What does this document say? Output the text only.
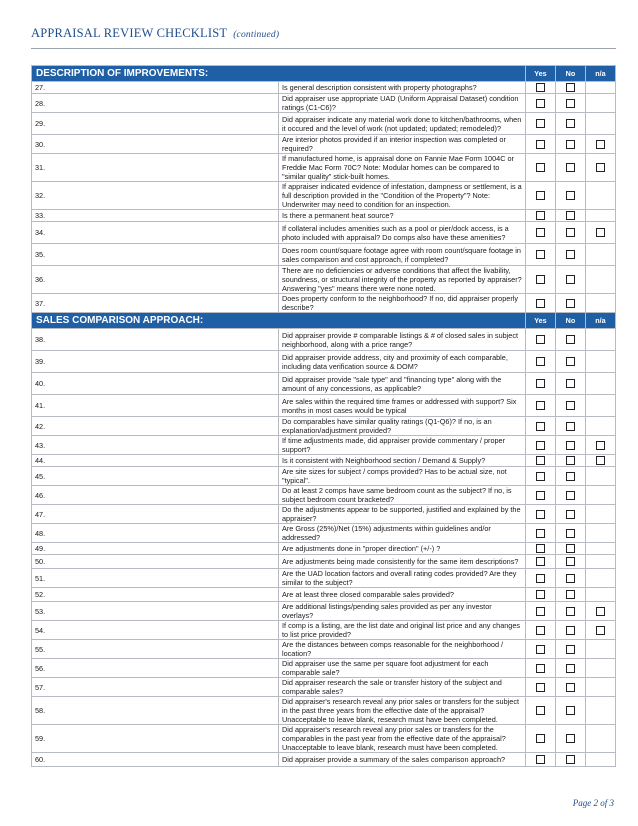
APPRAISAL REVIEW CHECKLIST (continued)
DESCRIPTION OF IMPROVEMENTS:		Yes	No	n/a
27.	Is general description consistent with property photographs?			
28.	Did appraiser use appropriate UAD (Uniform Appraisal Dataset) condition ratings (C1-C6)?			
29.	Did appraiser indicate any material work done to kitchen/bathrooms, when it occured and the level of work (not updated; updated; remodeled)?			
30.	Are interior photos provided if an interior inspection was completed or required?			
31.	If manufactured home, is appraisal done on Fannie Mae Form 1004C or Freddie Mac Form 70C? Note: Modular homes can be compared to "similar quality" stick-built homes.			
32.	If appraiser indicated evidence of infestation, dampness or settlement, is a full description provided in the "Condition of the Property"? Note: Underwriter may need to condition for an inspection.			
33.	Is there a permanent heat source?			
34.	If collateral includes amenities such as a pool or pier/dock access, is a photo included with appraisal? Do comps also have these amenities?			
35.	Does room count/square footage agree with room count/square footage in sales comparison and cost approach, if completed?			
36.	There are no deficiencies or adverse conditions that affect the livability, soundness, or structural integrity of the property as reported by appraiser? Answering "yes" means there were none noted.			
37.	Does property conform to the neighborhood? If no, did appraiser properly describe?			
SALES COMPARISON APPROACH:		Yes	No	n/a
38.	Did appraiser provide # comparable listings & # of closed sales in subject neighborhood, along with a price range?			
39.	Did appraiser provide address, city and proximity of each comparable, including data verification source & DOM?			
40.	Did appraiser provide "sale type" and "financing type" along with the amount of any concessions, as applicable?			
41.	Are sales within the required time frames or addressed with support? Six months in most cases would be typical			
42.	Do comparables have similar quality ratings (Q1-Q6)? If no, is an explanation/adjustment provided?			
43.	If time adjustments made, did appraiser provide commentary / proper support?			
44.	Is it consistent with Neighborhood section / Demand & Supply?			
45.	Are site sizes for subject / comps provided? Has to be actual size, not "typical".			
46.	Do at least 2 comps have same bedroom count as the subject? If no, is subject bedroom count bracketed?			
47.	Do the adjustments appear to be supported, justified and explained by the appraiser?			
48.	Are Gross (25%)/Net (15%) adjustments within guidelines and/or addressed?			
49.	Are adjustments done in "proper direction" (+/-) ?			
50.	Are adjustments being made consistently for the same item descriptions?			
51.	Are the UAD location factors and overall rating codes provided? Are they similar to the subject?			
52.	Are at least three closed comparable sales provided?			
53.	Are additional listings/pending sales provided as per any investor overlays?			
54.	If comp is a listing, are the list date and original list price and any changes to list price provided?			
55.	Are the distances between comps reasonable for the neighborhood / location?			
56.	Did appraiser use the same per square foot adjustment for each comparable sale?			
57.	Did appraiser research the sale or transfer history of the subject and comparable sales?			
58.	Did appraiser's research reveal any prior sales or transfers for the subject in the past three years from the effective date of the appraisal? Unacceptable to leave blank, research must have been completed.			
59.	Did appraiser's research reveal any prior sales or transfers for the comparables in the past year from the effective date of the appraisal? Unacceptable to leave blank, research must have been completed.			
60.	Did appraiser provide a summary of the sales comparison approach?			
Page 2 of 3
